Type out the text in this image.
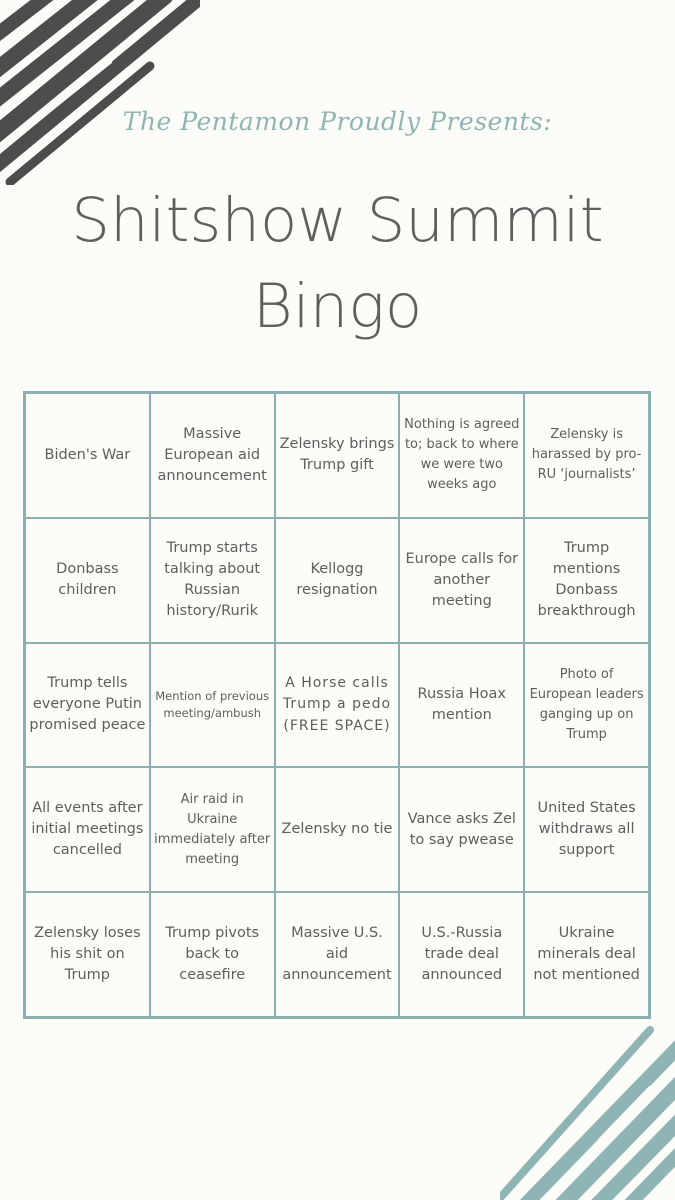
The Pentamon Proudly Presents:
Shitshow Summit
Bingo
Biden's War
Massive European aid announcement
Zelensky brings Trump gift
Nothing is agreed to; back to where we were two weeks ago
Zelensky is harassed by pro-RU ‘journalists’
Donbass children
Trump starts talking about Russian history/Rurik
Kellogg resignation
Europe calls for another meeting
Trump mentions Donbass breakthrough
Trump tells everyone Putin promised peace
Mention of previous meeting/ambush
A Horse calls Trump a pedo (FREE SPACE)
Russia Hoax mention
Photo of European leaders ganging up on Trump
All events after initial meetings cancelled
Air raid in Ukraine immediately after meeting
Zelensky no tie
Vance asks Zel to say pwease
United States withdraws all support
Zelensky loses his shit on Trump
Trump pivots back to ceasefire
Massive U.S. aid announcement
U.S.-Russia trade deal announced
Ukraine minerals deal not mentioned
